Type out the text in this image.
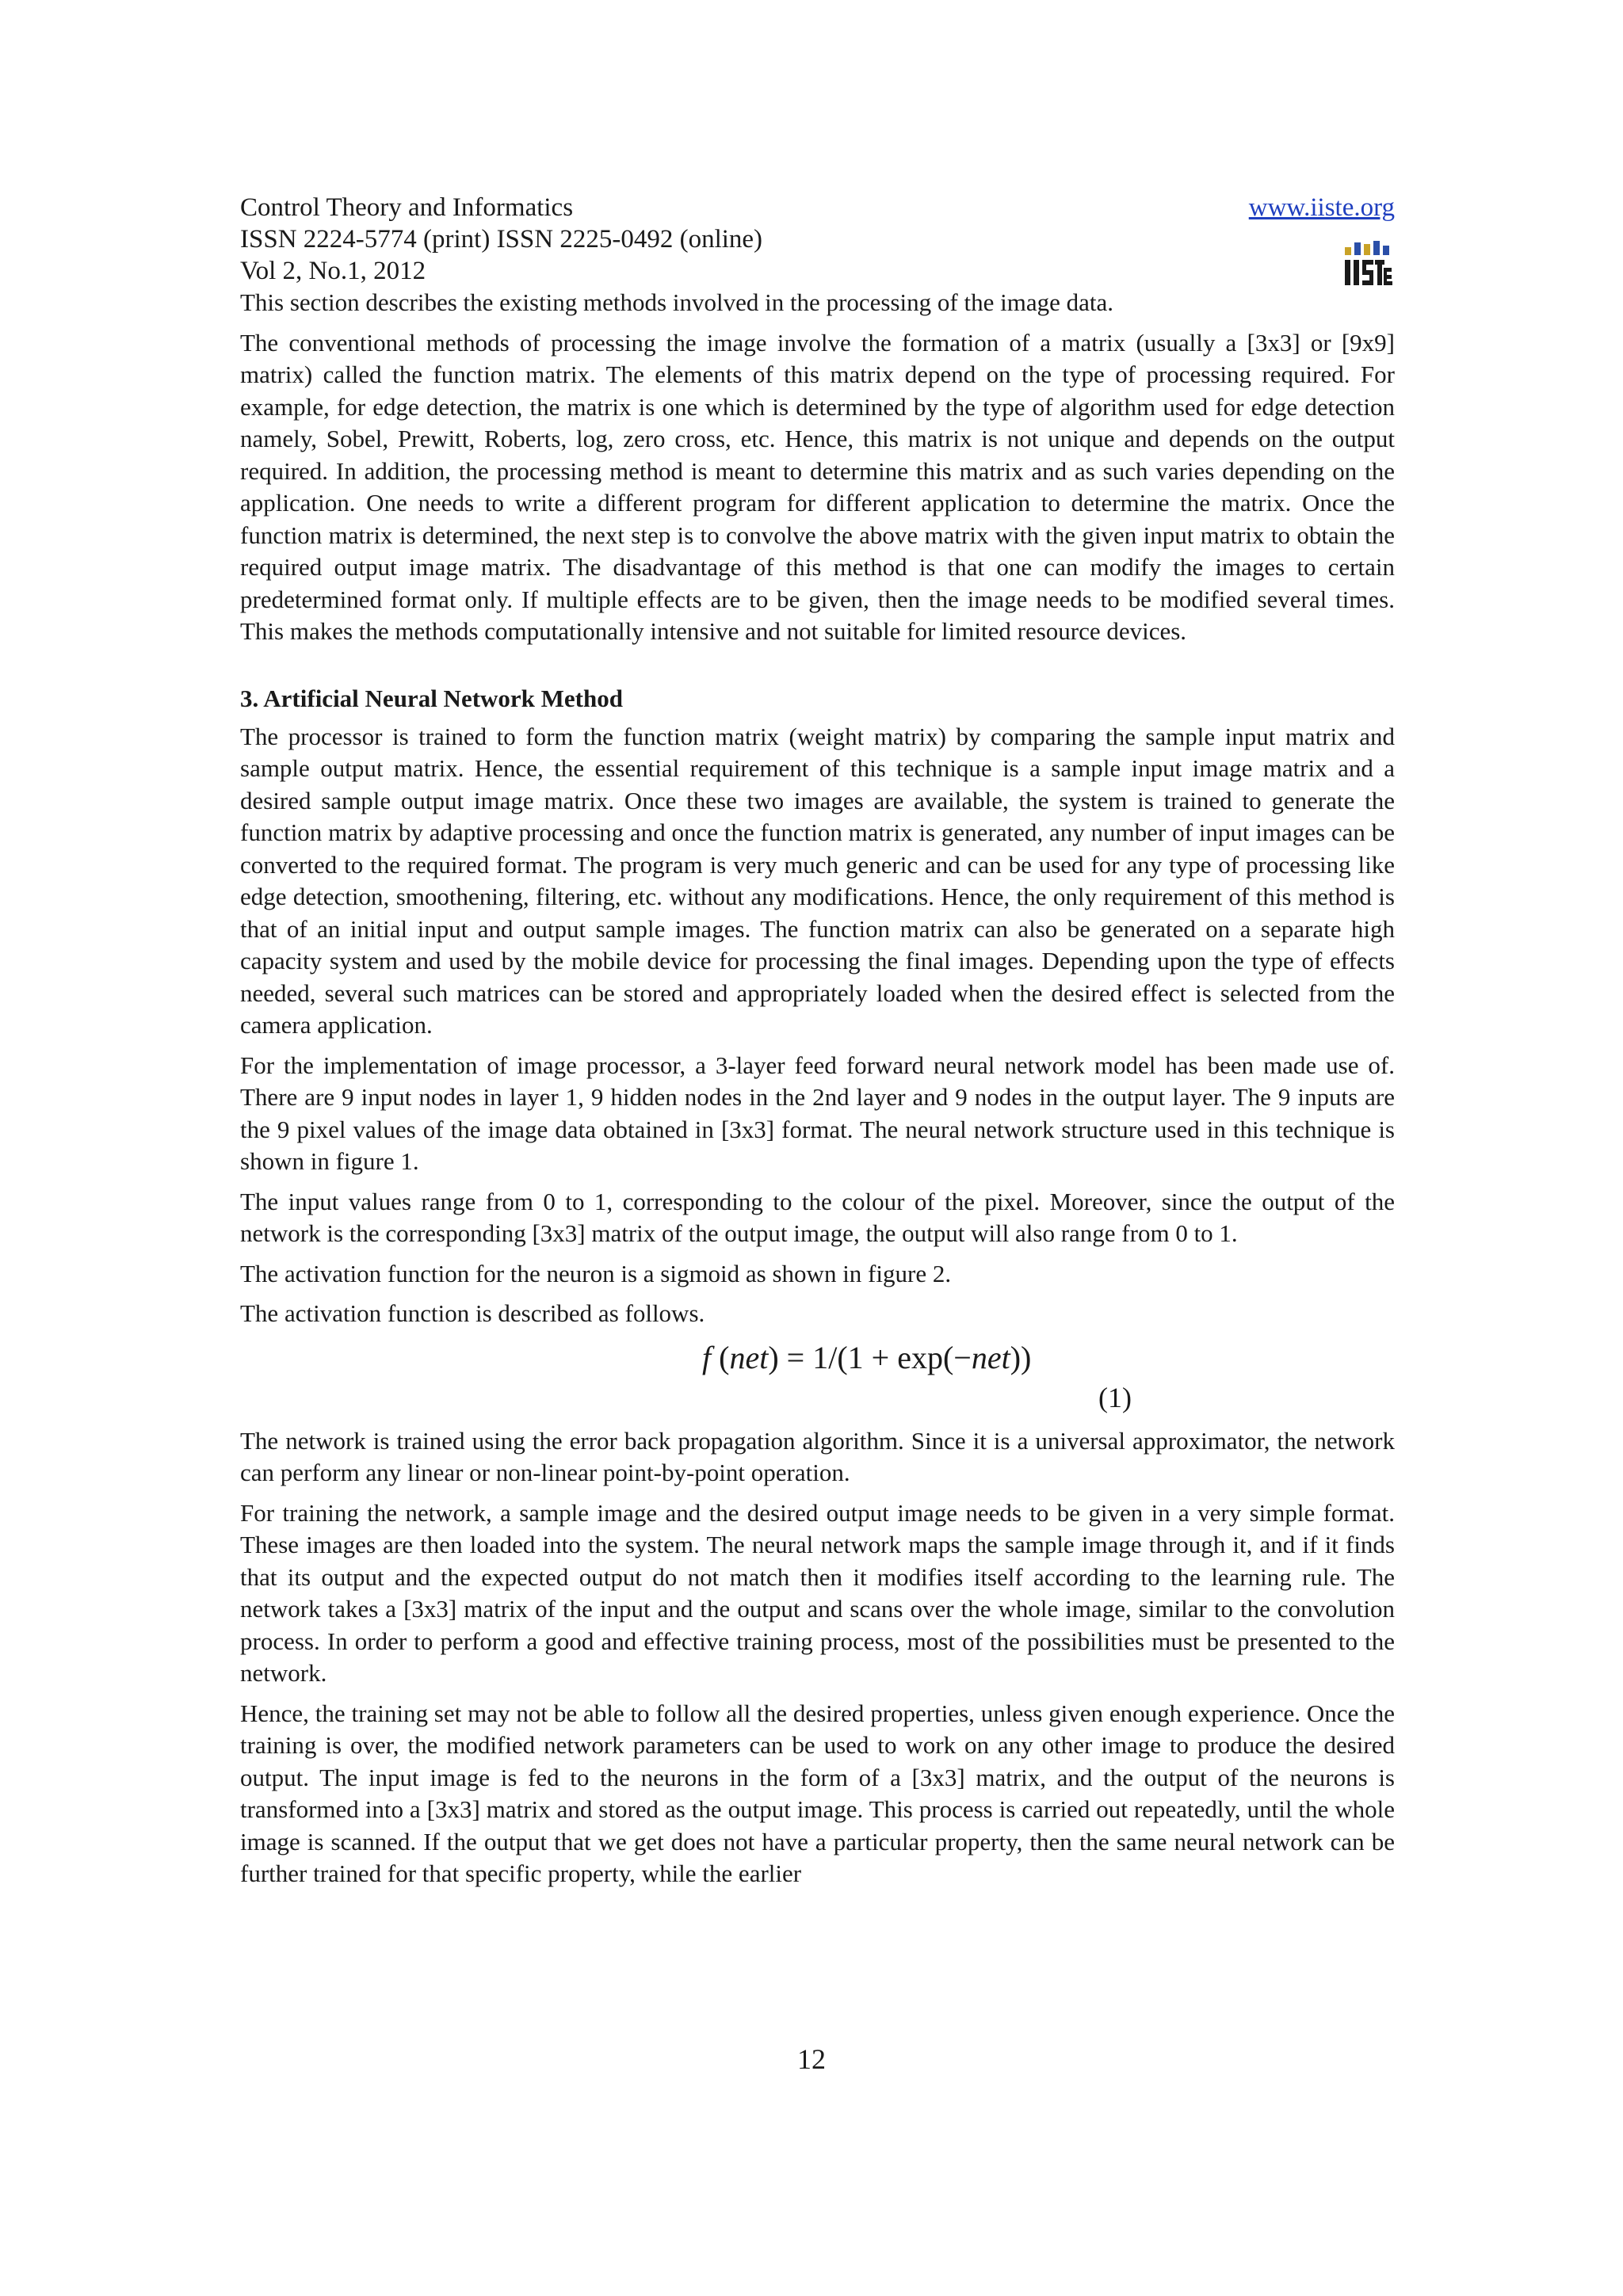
Control Theory and Informatics
ISSN 2224-5774 (print) ISSN 2225-0492 (online)
Vol 2, No.1, 2012
www.iiste.org

This section describes the existing methods involved in the processing of the image data.

The conventional methods of processing the image involve the formation of a matrix (usually a [3x3] or [9x9] matrix) called the function matrix. The elements of this matrix depend on the type of processing required. For example, for edge detection, the matrix is one which is determined by the type of algorithm used for edge detection namely, Sobel, Prewitt, Roberts, log, zero cross, etc. Hence, this matrix is not unique and depends on the output required. In addition, the processing method is meant to determine this matrix and as such varies depending on the application. One needs to write a different program for different application to determine the matrix. Once the function matrix is determined, the next step is to convolve the above matrix with the given input matrix to obtain the required output image matrix. The disadvantage of this method is that one can modify the images to certain predetermined format only. If multiple effects are to be given, then the image needs to be modified several times. This makes the methods computationally intensive and not suitable for limited resource devices.

3. Artificial Neural Network Method

The processor is trained to form the function matrix (weight matrix) by comparing the sample input matrix and sample output matrix. Hence, the essential requirement of this technique is a sample input image matrix and a desired sample output image matrix. Once these two images are available, the system is trained to generate the function matrix by adaptive processing and once the function matrix is generated, any number of input images can be converted to the required format. The program is very much generic and can be used for any type of processing like edge detection, smoothening, filtering, etc. without any modifications. Hence, the only requirement of this method is that of an initial input and output sample images. The function matrix can also be generated on a separate high capacity system and used by the mobile device for processing the final images. Depending upon the type of effects needed, several such matrices can be stored and appropriately loaded when the desired effect is selected from the camera application.

For the implementation of image processor, a 3-layer feed forward neural network model has been made use of. There are 9 input nodes in layer 1, 9 hidden nodes in the 2nd layer and 9 nodes in the output layer. The 9 inputs are the 9 pixel values of the image data obtained in [3x3] format. The neural network structure used in this technique is shown in figure 1.

The input values range from 0 to 1, corresponding to the colour of the pixel. Moreover, since the output of the network is the corresponding [3x3] matrix of the output image, the output will also range from 0 to 1.

The activation function for the neuron is a sigmoid as shown in figure 2.

The activation function is described as follows.

f (net) = 1/(1 + exp(−net))
(1)

The network is trained using the error back propagation algorithm. Since it is a universal approximator, the network can perform any linear or non-linear point-by-point operation.

For training the network, a sample image and the desired output image needs to be given in a very simple format. These images are then loaded into the system. The neural network maps the sample image through it, and if it finds that its output and the expected output do not match then it modifies itself according to the learning rule. The network takes a [3x3] matrix of the input and the output and scans over the whole image, similar to the convolution process. In order to perform a good and effective training process, most of the possibilities must be presented to the network.

Hence, the training set may not be able to follow all the desired properties, unless given enough experience. Once the training is over, the modified network parameters can be used to work on any other image to produce the desired output. The input image is fed to the neurons in the form of a [3x3] matrix, and the output of the neurons is transformed into a [3x3] matrix and stored as the output image. This process is carried out repeatedly, until the whole image is scanned. If the output that we get does not have a particular property, then the same neural network can be further trained for that specific property, while the earlier

12
